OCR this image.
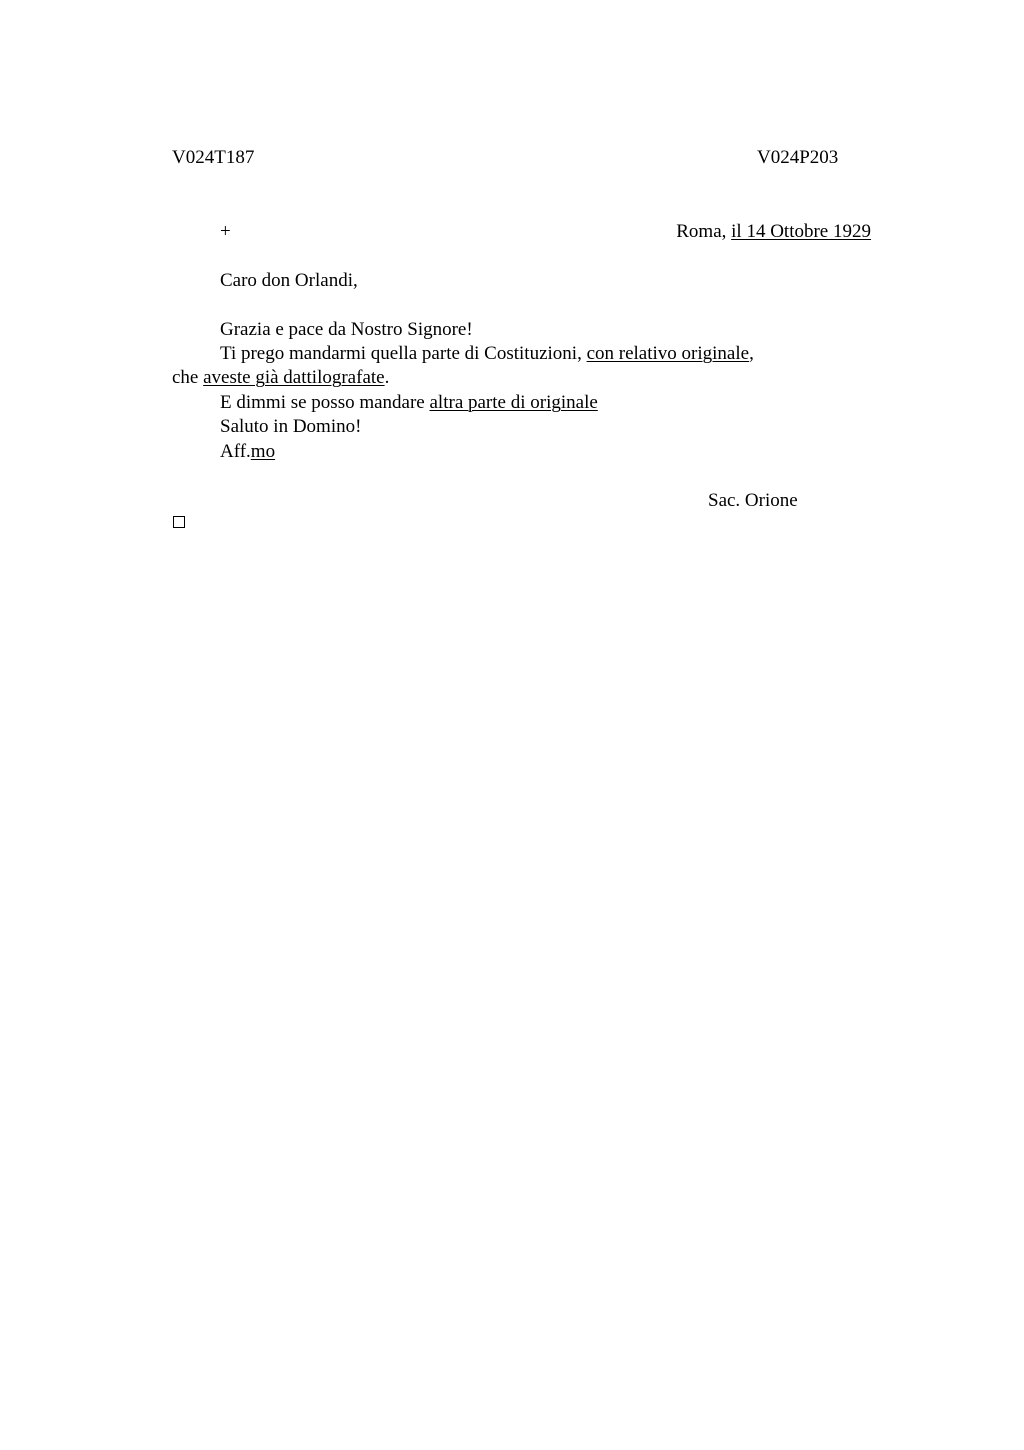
V024T187	V024P203
+	Roma, il 14 Ottobre 1929
Caro don Orlandi,
Grazia e pace da Nostro Signore!
Ti prego mandarmi quella parte di Costituzioni, con relativo originale,
che aveste già dattilografate.
E dimmi se posso mandare altra parte di originale
Saluto in Domino!
Aff.mo
Sac. Orione
